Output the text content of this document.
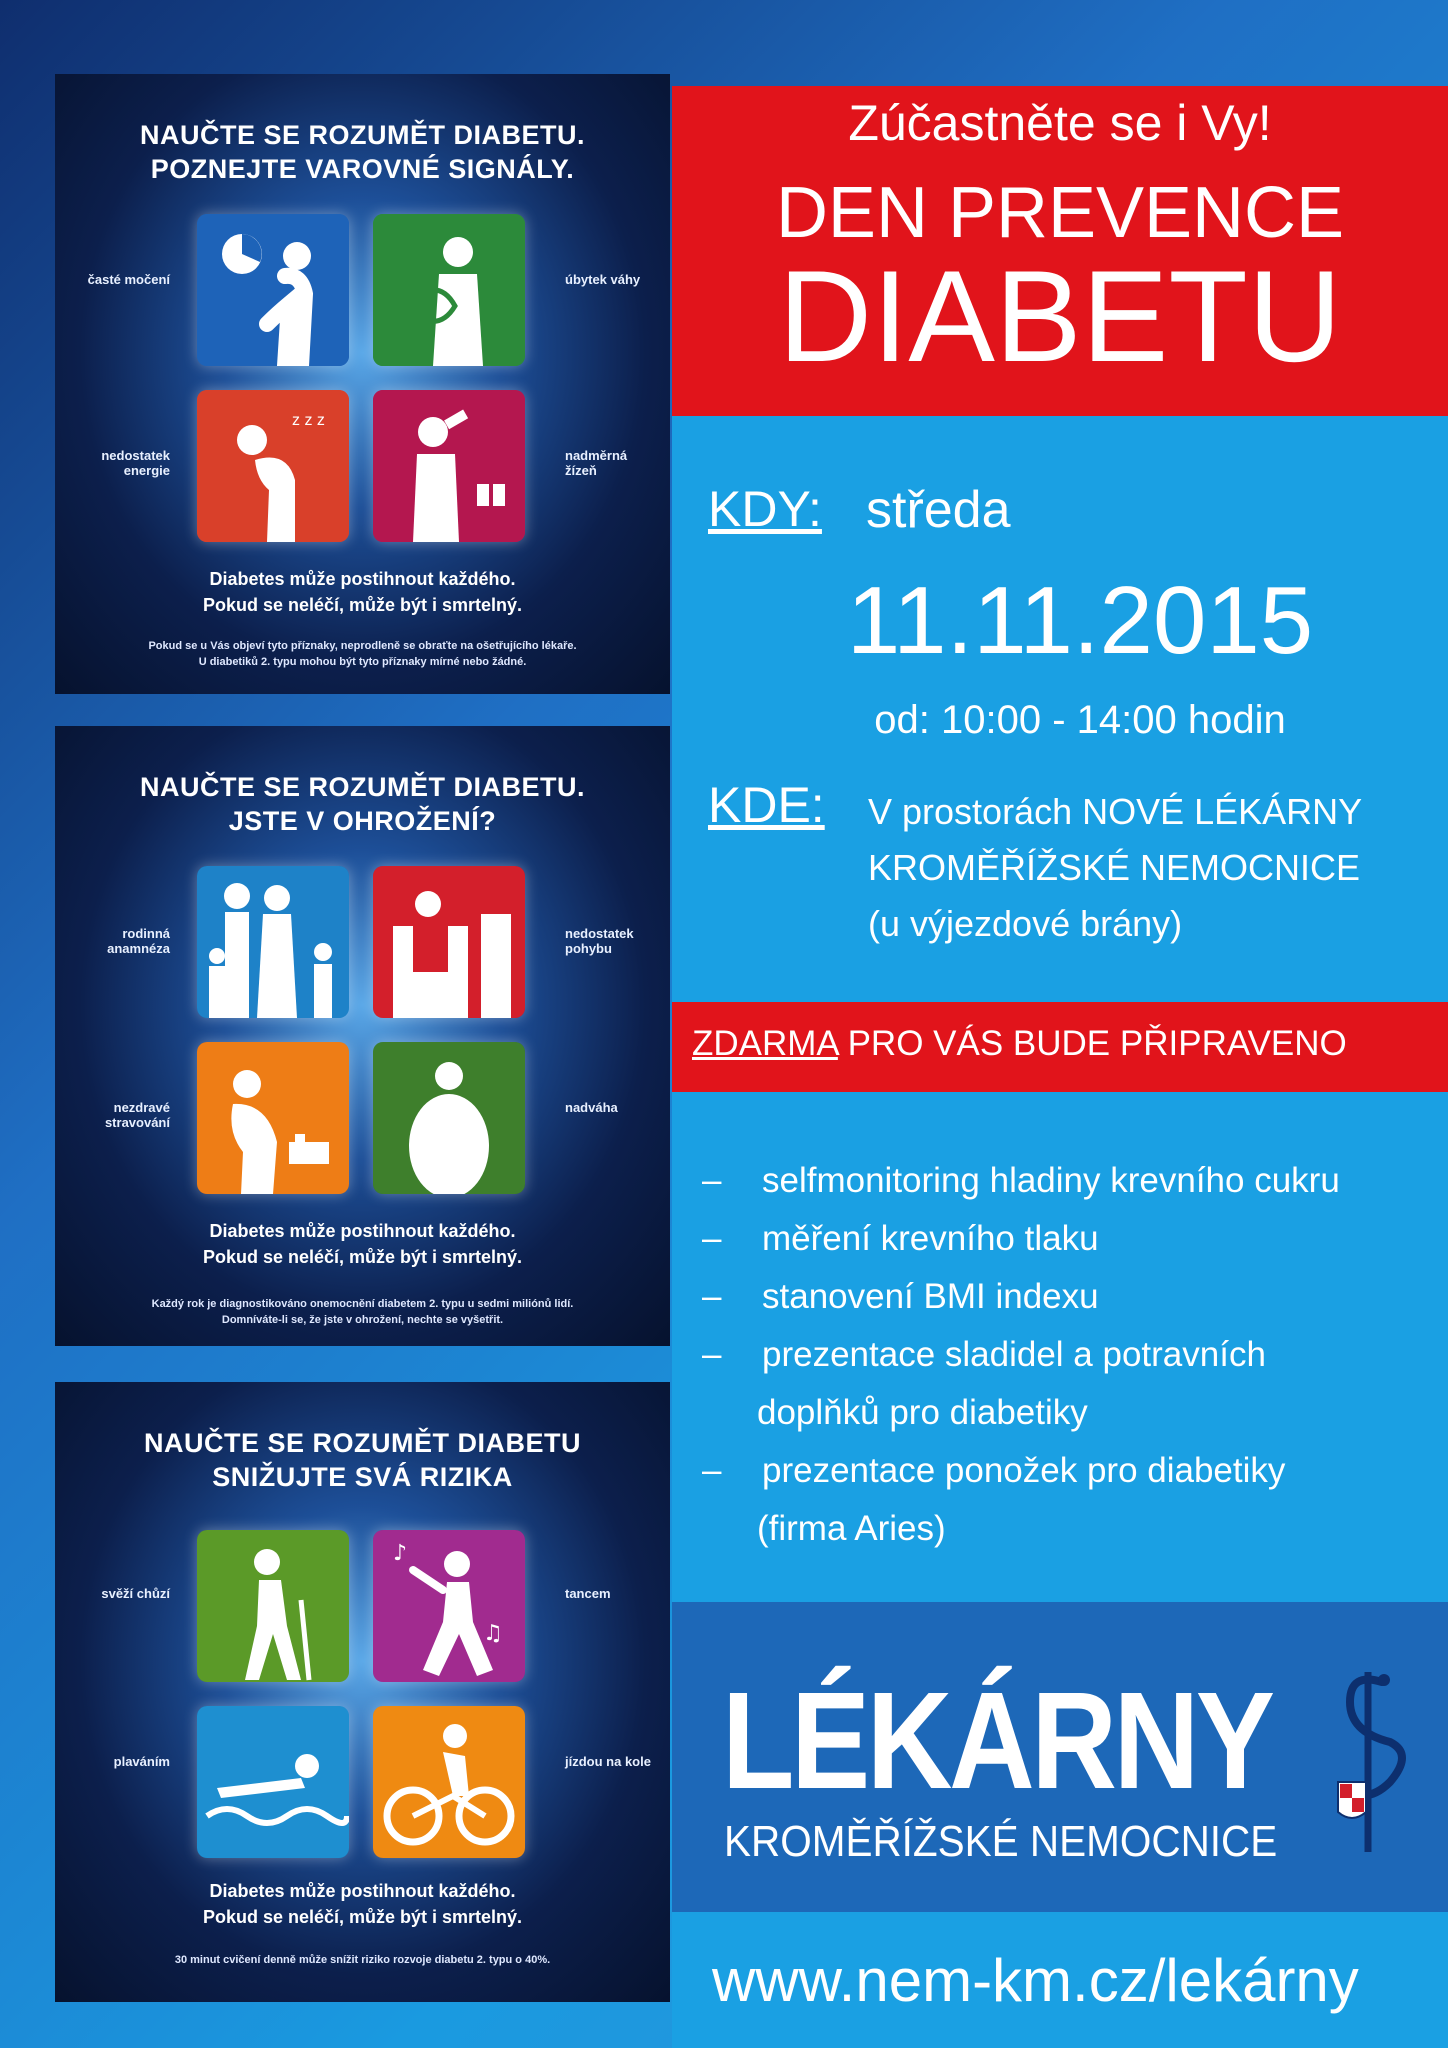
NAUČTE SE ROZUMĚT DIABETU.
POZNEJTE VAROVNÉ SIGNÁLY.
z z z
časté močení	úbytek váhy
nedostatek energie
nadměrná žízeň
Diabetes může postihnout každého.
Pokud se neléčí, může být i smrtelný.
Pokud se u Vás objeví tyto příznaky, neprodleně se obraťte na ošetřujícího lékaře.
U diabetiků 2. typu mohou být tyto příznaky mírné nebo žádné.
NAUČTE SE ROZUMĚT DIABETU.
JSTE V OHROŽENÍ?
rodinná anamnéza
nedostatek pohybu
nezdravé stravování
nadváha
Diabetes může postihnout každého.
Pokud se neléčí, může být i smrtelný.
Každý rok je diagnostikováno onemocnění diabetem 2. typu u sedmi miliónů lidí.
Domníváte-li se, že jste v ohrožení, nechte se vyšetřit.
NAUČTE SE ROZUMĚT DIABETU
SNIŽUJTE SVÁ RIZIKA
♪
♫
svěží chůzí	tancem
plaváním	jízdou na kole
Diabetes může postihnout každého.
Pokud se neléčí, může být i smrtelný.
30 minut cvičení denně může snížit riziko rozvoje diabetu 2. typu o 40%.
Zúčastněte se i Vy!
DEN PREVENCE
DIABETU
KDY: středa
11.11.2015
od: 10:00 - 14:00 hodin
KDE: V prostorách NOVÉ LÉKÁRNY
KROMĚŘÍŽSKÉ NEMOCNICE
(u výjezdové brány)
ZDARMA PRO VÁS BUDE PŘIPRAVENO
– selfmonitoring hladiny krevního cukru
– měření krevního tlaku
– stanovení BMI indexu
– prezentace sladidel a potravních
doplňků pro diabetiky
– prezentace ponožek pro diabetiky
(firma Aries)
LÉKÁRNY
KROMĚŘÍŽSKÉ NEMOCNICE
www.nem-km.cz/lekárny
